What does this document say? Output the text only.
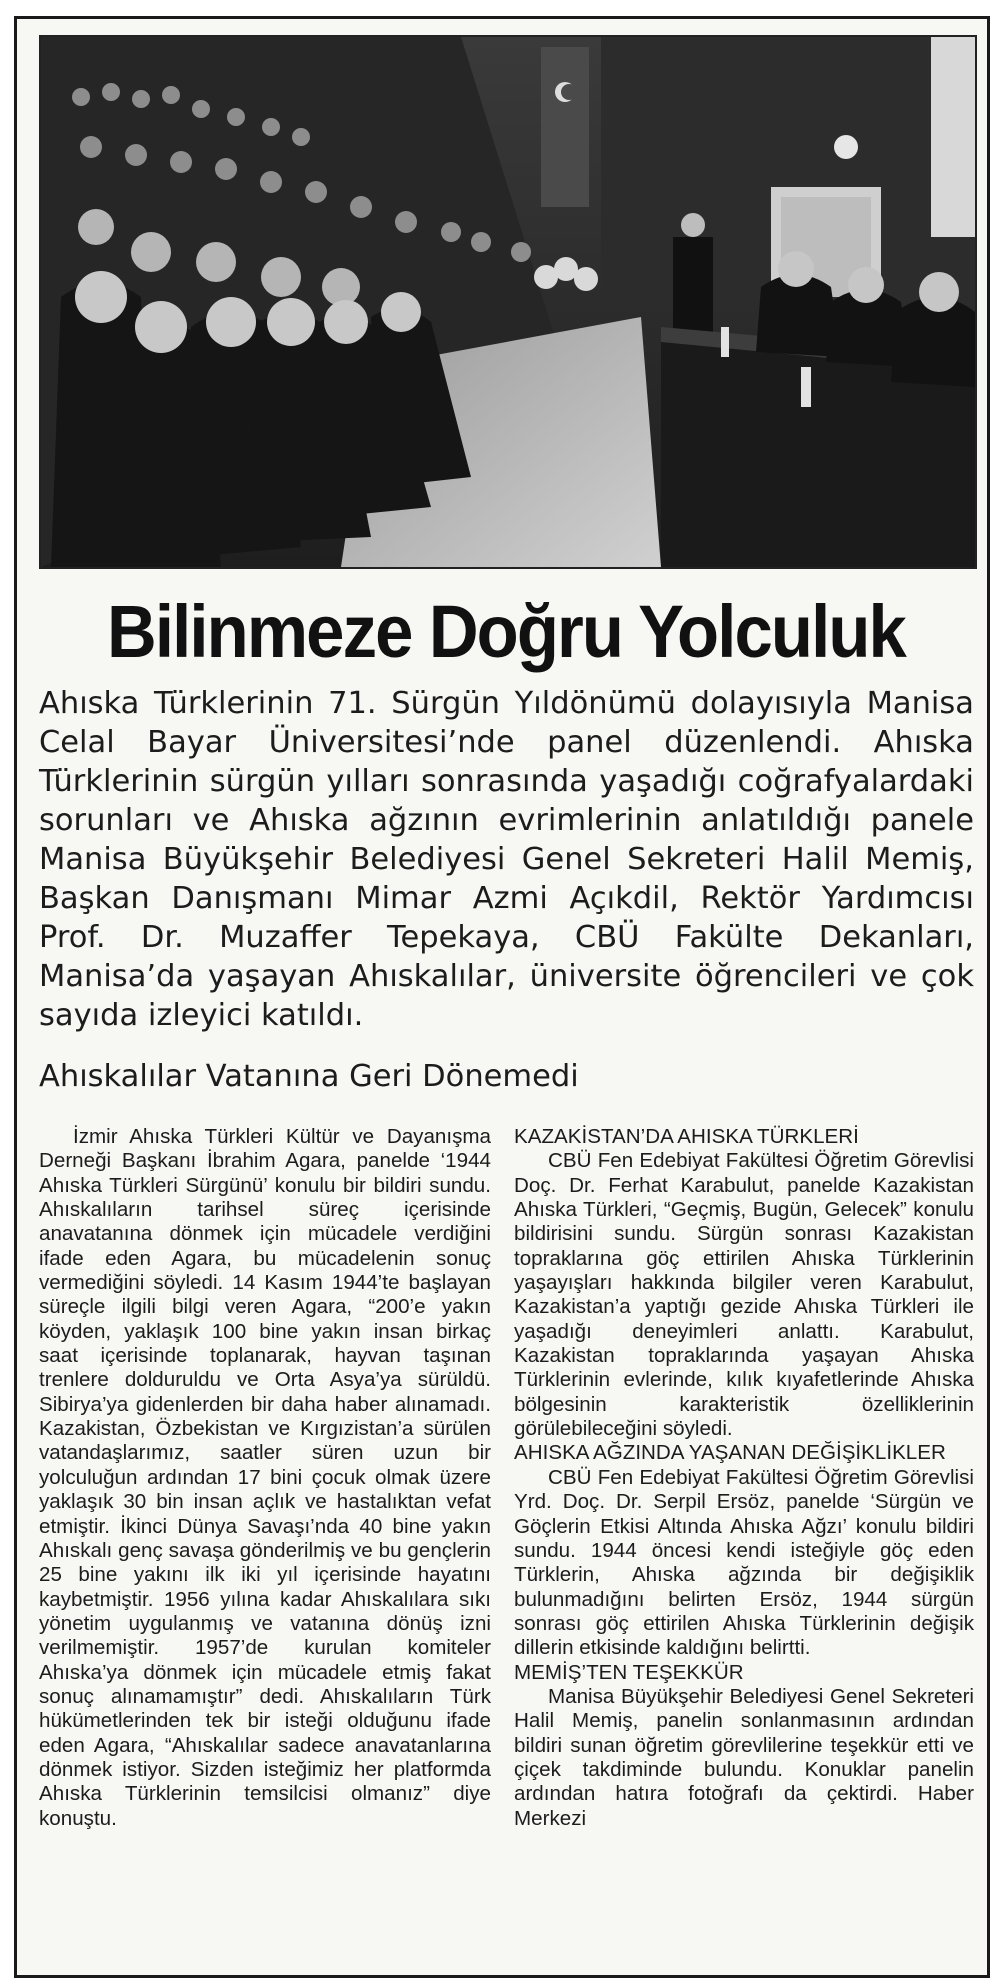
Bilinmeze Doğru Yolculuk

Ahıska Türklerinin 71. Sürgün Yıldönümü dolayısıyla Manisa Celal Bayar Üniversitesi’nde panel düzenlendi. Ahıska Türklerinin sürgün yılları sonrasında yaşadığı coğrafyalardaki sorunları ve Ahıska ağzının evrimlerinin anlatıldığı panele Manisa Büyükşehir Belediyesi Genel Sekreteri Halil Memiş, Başkan Danışmanı Mimar Azmi Açıkdil, Rektör Yardımcısı Prof. Dr. Muzaffer Tepekaya, CBÜ Fakülte Dekanları, Manisa’da yaşayan Ahıskalılar, üniversite öğrencileri ve çok sayıda izleyici katıldı.

Ahıskalılar Vatanına Geri Dönemedi

İzmir Ahıska Türkleri Kültür ve Dayanışma Derneği Başkanı İbrahim Agara, panelde ‘1944 Ahıska Türkleri Sürgünü’ konulu bir bildiri sundu. Ahıskalıların tarihsel süreç içerisinde anavatanına dönmek için mücadele verdiğini ifade eden Agara, bu mücadelenin sonuç vermediğini söyledi. 14 Kasım 1944’te başlayan süreçle ilgili bilgi veren Agara, “200’e yakın köyden, yaklaşık 100 bine yakın insan birkaç saat içerisinde toplanarak, hayvan taşınan trenlere dolduruldu ve Orta Asya’ya sürüldü. Sibirya’ya gidenlerden bir daha haber alınamadı. Kazakistan, Özbekistan ve Kırgızistan’a sürülen vatandaşlarımız, saatler süren uzun bir yolculuğun ardından 17 bini çocuk olmak üzere yaklaşık 30 bin insan açlık ve hastalıktan vefat etmiştir. İkinci Dünya Savaşı’nda 40 bine yakın Ahıskalı genç savaşa gönderilmiş ve bu gençlerin 25 bine yakını ilk iki yıl içerisinde hayatını kaybetmiştir. 1956 yılına kadar Ahıskalılara sıkı yönetim uygulanmış ve vatanına dönüş izni verilmemiştir. 1957’de kurulan komiteler Ahıska’ya dönmek için mücadele etmiş fakat sonuç alınamamıştır” dedi. Ahıskalıların Türk hükümetlerinden tek bir isteği olduğunu ifade eden Agara, “Ahıskalılar sadece anavatanlarına dönmek istiyor. Sizden isteğimiz her platformda Ahıska Türklerinin temsilcisi olmanız” diye konuştu.

KAZAKİSTAN’DA AHISKA TÜRKLERİ

CBÜ Fen Edebiyat Fakültesi Öğretim Görevlisi Doç. Dr. Ferhat Karabulut, panelde Kazakistan Ahıska Türkleri, “Geçmiş, Bugün, Gelecek” konulu bildirisini sundu. Sürgün sonrası Kazakistan topraklarına göç ettirilen Ahıska Türklerinin yaşayışları hakkında bilgiler veren Karabulut, Kazakistan’a yaptığı gezide Ahıska Türkleri ile yaşadığı deneyimleri anlattı. Karabulut, Kazakistan topraklarında yaşayan Ahıska Türklerinin evlerinde, kılık kıyafetlerinde Ahıska bölgesinin karakteristik özelliklerinin görülebileceğini söyledi.

AHISKA AĞZINDA YAŞANAN DEĞİŞİKLİKLER

CBÜ Fen Edebiyat Fakültesi Öğretim Görevlisi Yrd. Doç. Dr. Serpil Ersöz, panelde ‘Sürgün ve Göçlerin Etkisi Altında Ahıska Ağzı’ konulu bildiri sundu. 1944 öncesi kendi isteğiyle göç eden Türklerin, Ahıska ağzında bir değişiklik bulunmadığını belirten Ersöz, 1944 sürgün sonrası göç ettirilen Ahıska Türklerinin değişik dillerin etkisinde kaldığını belirtti.

MEMİŞ’TEN TEŞEKKÜR

Manisa Büyükşehir Belediyesi Genel Sekreteri Halil Memiş, panelin sonlanmasının ardından bildiri sunan öğretim görevlilerine teşekkür etti ve çiçek takdiminde bulundu. Konuklar panelin ardından hatıra fotoğrafı da çektirdi. Haber Merkezi
